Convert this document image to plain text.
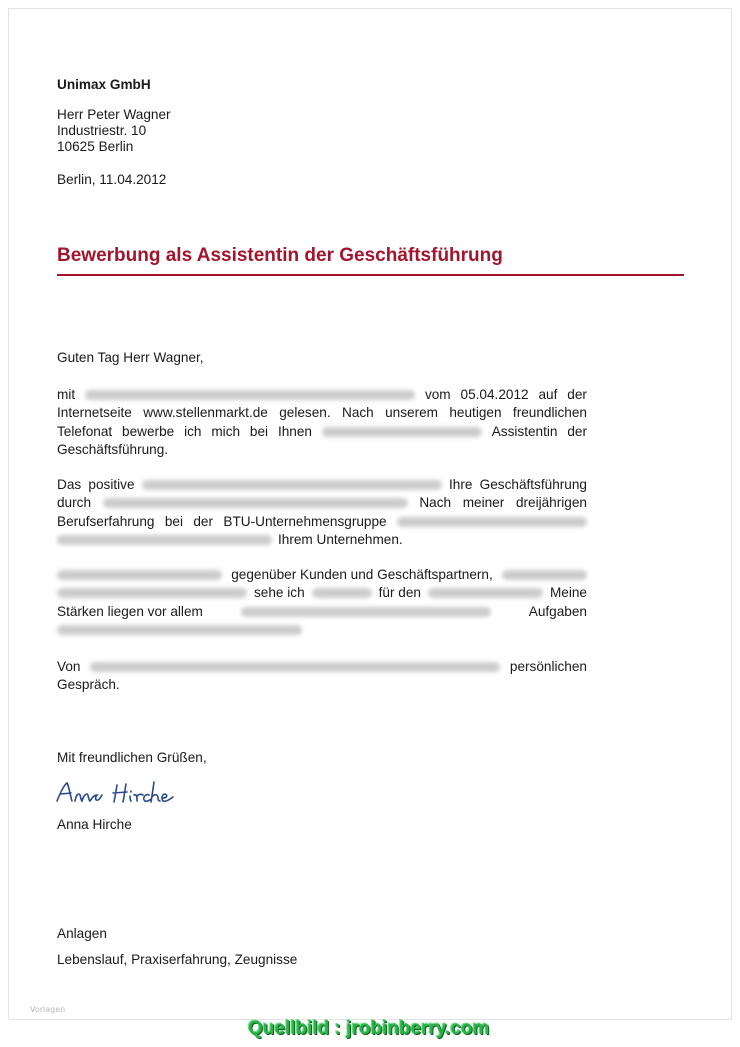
Unimax GmbH
Herr Peter Wagner
Industriestr. 10
10625 Berlin
Berlin, 11.04.2012
Bewerbung als Assistentin der Geschäftsführung
Guten Tag Herr Wagner,
mit	vom 05.04.2012 auf der
Internetseite www.stellenmarkt.de gelesen. Nach unserem heutigen freundlichen
Telefonat bewerbe ich mich bei Ihnen	Assistentin der
Geschäftsführung.
Das positive	Ihre Geschäftsführung
durch	Nach meiner dreijährigen
Berufserfahrung bei der BTU-Unternehmensgruppe
Ihrem Unternehmen.
gegenüber Kunden und Geschäftspartnern,
sehe ich	für den	Meine
Stärken liegen vor allem	Aufgaben
Von	persönlichen
Gespräch.
Mit freundlichen Grüßen,
Anna Hirche
Anlagen
Lebenslauf, Praxiserfahrung, Zeugnisse
Vorlagen
Quellbild : jrobinberry.com
